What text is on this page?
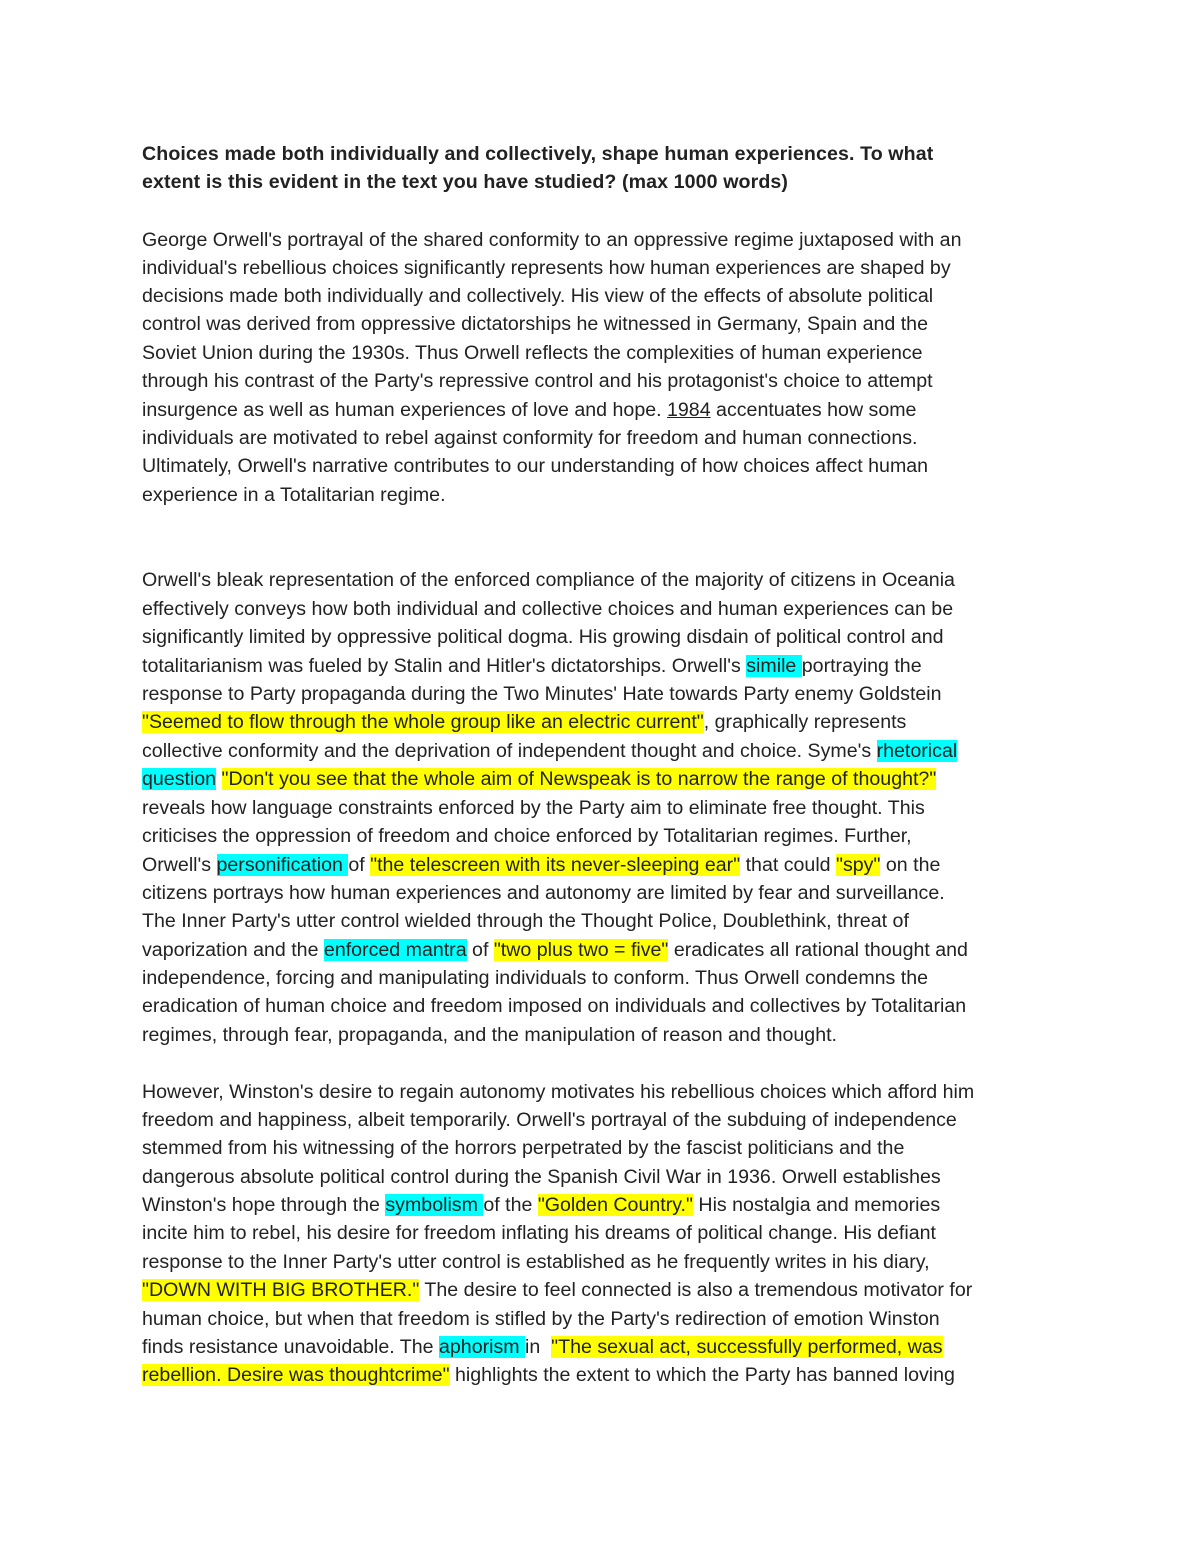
Choices made both individually and collectively, shape human experiences. To what

extent is this evident in the text you have studied? (max 1000 words)

George Orwell's portrayal of the shared conformity to an oppressive regime juxtaposed with an

individual's rebellious choices significantly represents how human experiences are shaped by

decisions made both individually and collectively. His view of the effects of absolute political

control was derived from oppressive dictatorships he witnessed in Germany, Spain and the

Soviet Union during the 1930s. Thus Orwell reflects the complexities of human experience

through his contrast of the Party's repressive control and his protagonist's choice to attempt

insurgence as well as human experiences of love and hope. 1984 accentuates how some

individuals are motivated to rebel against conformity for freedom and human connections.

Ultimately, Orwell's narrative contributes to our understanding of how choices affect human

experience in a Totalitarian regime.

Orwell's bleak representation of the enforced compliance of the majority of citizens in Oceania

effectively conveys how both individual and collective choices and human experiences can be

significantly limited by oppressive political dogma. His growing disdain of political control and

totalitarianism was fueled by Stalin and Hitler's dictatorships. Orwell's simile portraying the

response to Party propaganda during the Two Minutes' Hate towards Party enemy Goldstein

"Seemed to flow through the whole group like an electric current", graphically represents

collective conformity and the deprivation of independent thought and choice. Syme's rhetorical

question "Don't you see that the whole aim of Newspeak is to narrow the range of thought?"

reveals how language constraints enforced by the Party aim to eliminate free thought. This

criticises the oppression of freedom and choice enforced by Totalitarian regimes. Further,

Orwell's personification of "the telescreen with its never-sleeping ear" that could "spy" on the

citizens portrays how human experiences and autonomy are limited by fear and surveillance.

The Inner Party's utter control wielded through the Thought Police, Doublethink, threat of

vaporization and the enforced mantra of "two plus two = five" eradicates all rational thought and

independence, forcing and manipulating individuals to conform. Thus Orwell condemns the

eradication of human choice and freedom imposed on individuals and collectives by Totalitarian

regimes, through fear, propaganda, and the manipulation of reason and thought.

However, Winston's desire to regain autonomy motivates his rebellious choices which afford him

freedom and happiness, albeit temporarily. Orwell's portrayal of the subduing of independence

stemmed from his witnessing of the horrors perpetrated by the fascist politicians and the

dangerous absolute political control during the Spanish Civil War in 1936. Orwell establishes

Winston's hope through the symbolism of the "Golden Country." His nostalgia and memories

incite him to rebel, his desire for freedom inflating his dreams of political change. His defiant

response to the Inner Party's utter control is established as he frequently writes in his diary,

"DOWN WITH BIG BROTHER." The desire to feel connected is also a tremendous motivator for

human choice, but when that freedom is stifled by the Party's redirection of emotion Winston

finds resistance unavoidable. The aphorism in  "The sexual act, successfully performed, was

rebellion. Desire was thoughtcrime" highlights the extent to which the Party has banned loving
